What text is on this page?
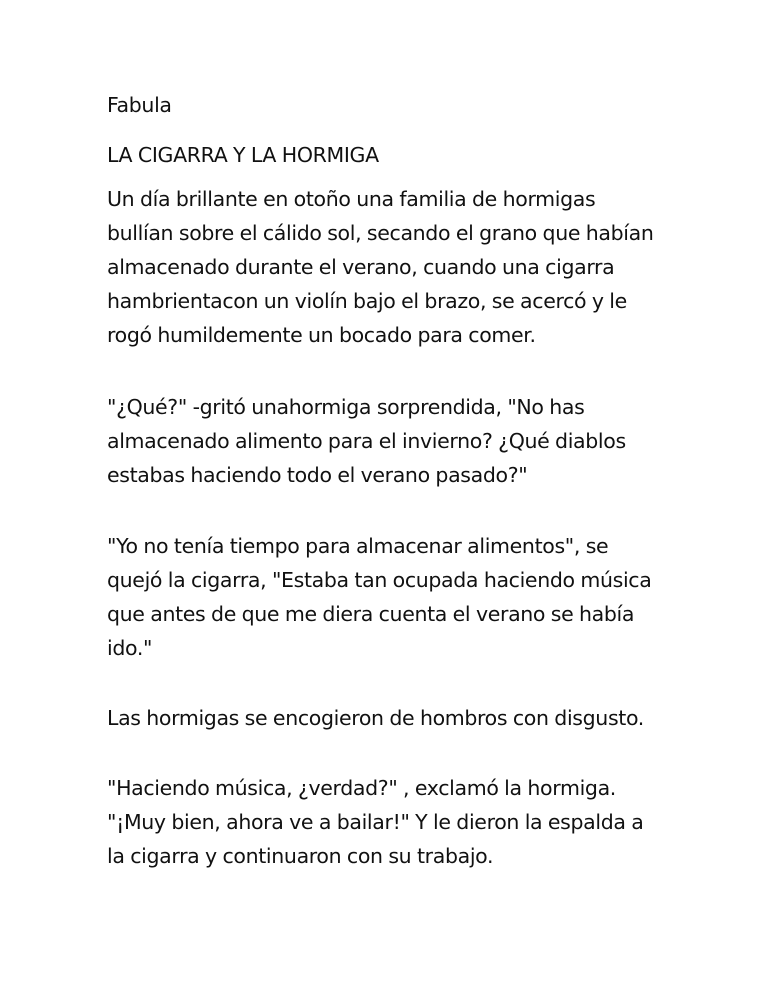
Fabula
LA CIGARRA Y LA HORMIGA
Un día brillante en otoño una familia de hormigas
bullían sobre el cálido sol, secando el grano que habían
almacenado durante el verano, cuando una cigarra
hambrientacon un violín bajo el brazo, se acercó y le
rogó humildemente un bocado para comer.
"¿Qué?" -gritó unahormiga sorprendida, "No has
almacenado alimento para el invierno? ¿Qué diablos
estabas haciendo todo el verano pasado?"
"Yo no tenía tiempo para almacenar alimentos", se
quejó la cigarra, "Estaba tan ocupada haciendo música
que antes de que me diera cuenta el verano se había
ido."
Las hormigas se encogieron de hombros con disgusto.
"Haciendo música, ¿verdad?" , exclamó la hormiga.
"¡Muy bien, ahora ve a bailar!" Y le dieron la espalda a
la cigarra y continuaron con su trabajo.
